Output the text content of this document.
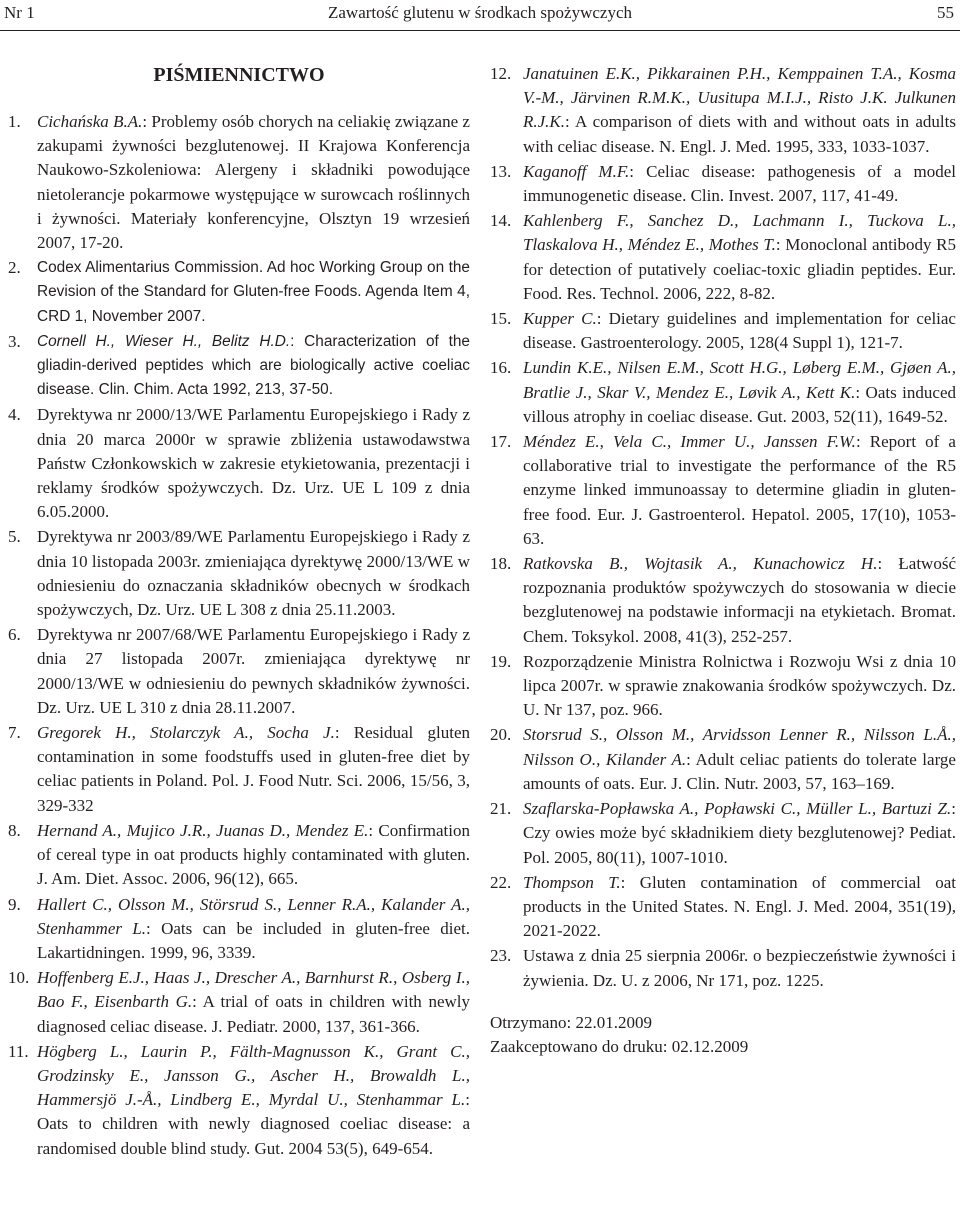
Nr 1	Zawartość glutenu w środkach spożywczych	55
PIŚMIENNICTWO
1. Cichańska B.A.: Problemy osób chorych na celiakię związane z zakupami żywności bezglutenowej. II Krajowa Konferencja Naukowo-Szkoleniowa: Alergeny i składniki powodujące nietolerancje pokarmowe występujące w surowcach roślinnych i żywności. Materiały konferencyjne, Olsztyn 19 wrzesień 2007, 17-20.
2.	Codex Alimentarius Commission. Ad hoc Working Group on the Revision of the Standard for Gluten-free Foods. Agenda Item 4, CRD 1, November 2007.
3.	Cornell H., Wieser H., Belitz H.D.: Characterization of the gliadin-derived peptides which are biologically active coeliac disease. Clin. Chim. Acta 1992, 213, 37-50.
4. Dyrektywa nr 2000/13/WE Parlamentu Europejskiego i Rady z dnia 20 marca 2000r w sprawie zbliżenia ustawodawstwa Państw Członkowskich w zakresie etykietowania, prezentacji i reklamy środków spożywczych. Dz. Urz. UE L 109 z dnia 6.05.2000.
5. Dyrektywa nr 2003/89/WE Parlamentu Europejskiego i Rady z dnia 10 listopada 2003r. zmieniająca dyrektywę 2000/13/WE w odniesieniu do oznaczania składników obecnych w środkach spożywczych, Dz. Urz. UE L 308 z dnia 25.11.2003.
6. Dyrektywa nr 2007/68/WE Parlamentu Europejskiego i Rady z dnia 27 listopada 2007r. zmieniająca dyrektywę nr 2000/13/WE w odniesieniu do pewnych składników żywności. Dz. Urz. UE L 310 z dnia 28.11.2007.
7. Gregorek H., Stolarczyk A., Socha J.: Residual gluten contamination in some foodstuffs used in gluten-free diet by celiac patients in Poland. Pol. J. Food Nutr. Sci. 2006, 15/56, 3, 329-332
8. Hernand A., Mujico J.R., Juanas D., Mendez E.: Confirmation of cereal type in oat products highly contaminated with gluten. J. Am. Diet. Assoc. 2006, 96(12), 665.
9. Hallert C., Olsson M., Störsrud S., Lenner R.A., Kalander A., Stenhammer L.: Oats can be included in gluten-free diet. Lakartidningen. 1999, 96, 3339.
10. Hoffenberg E.J., Haas J., Drescher A., Barnhurst R., Osberg I., Bao F., Eisenbarth G.: A trial of oats in children with newly diagnosed celiac disease. J. Pediatr. 2000, 137, 361-366.
11. Högberg L., Laurin P., Fälth-Magnusson K., Grant C., Grodzinsky E., Jansson G., Ascher H., Browaldh L., Hammersjö J.-Å., Lindberg E., Myrdal U., Stenhammar L.: Oats to children with newly diagnosed coeliac disease: a randomised double blind study. Gut. 2004 53(5), 649-654.
12. Janatuinen E.K., Pikkarainen P.H., Kemppainen T.A., Kosma V.-M., Järvinen R.M.K., Uusitupa M.I.J., Risto J.K. Julkunen R.J.K.: A comparison of diets with and without oats in adults with celiac disease. N. Engl. J. Med. 1995, 333, 1033-1037.
13. Kaganoff M.F.: Celiac disease: pathogenesis of a model immunogenetic disease. Clin. Invest. 2007, 117, 41-49.
14. Kahlenberg F., Sanchez D., Lachmann I., Tuckova L., Tlaskalova H., Méndez E., Mothes T.: Monoclonal antibody R5 for detection of putatively coeliac-toxic gliadin peptides. Eur. Food. Res. Technol. 2006, 222, 8-82.
15. Kupper C.: Dietary guidelines and implementation for celiac disease. Gastroenterology. 2005, 128(4 Suppl 1), 121-7.
16. Lundin K.E., Nilsen E.M., Scott H.G., Løberg E.M., Gjøen A., Bratlie J., Skar V., Mendez E., Løvik A., Kett K.: Oats induced villous atrophy in coeliac disease. Gut. 2003, 52(11), 1649-52.
17. Méndez E., Vela C., Immer U., Janssen F.W.: Report of a collaborative trial to investigate the performance of the R5 enzyme linked immunoassay to determine gliadin in gluten-free food. Eur. J. Gastroenterol. Hepatol. 2005, 17(10), 1053-63.
18. Ratkovska B., Wojtasik A., Kunachowicz H.: Łatwość rozpoznania produktów spożywczych do stosowania w diecie bezglutenowej na podstawie informacji na etykietach. Bromat. Chem. Toksykol. 2008, 41(3), 252-257.
19. Rozporządzenie Ministra Rolnictwa i Rozwoju Wsi z dnia 10 lipca 2007r. w sprawie znakowania środków spożywczych. Dz. U. Nr 137, poz. 966.
20. Storsrud S., Olsson M., Arvidsson Lenner R., Nilsson L.Å., Nilsson O., Kilander A.: Adult celiac patients do tolerate large amounts of oats. Eur. J. Clin. Nutr. 2003, 57, 163–169.
21. Szaflarska-Popławska A., Popławski C., Müller L., Bartuzi Z.: Czy owies może być składnikiem diety bezglutenowej? Pediat. Pol. 2005, 80(11), 1007-1010.
22. Thompson T.: Gluten contamination of commercial oat products in the United States. N. Engl. J. Med. 2004, 351(19), 2021-2022.
23. Ustawa z dnia 25 sierpnia 2006r. o bezpieczeństwie żywności i żywienia. Dz. U. z 2006, Nr 171, poz. 1225.
Otrzymano: 22.01.2009
Zaakceptowano do druku: 02.12.2009
